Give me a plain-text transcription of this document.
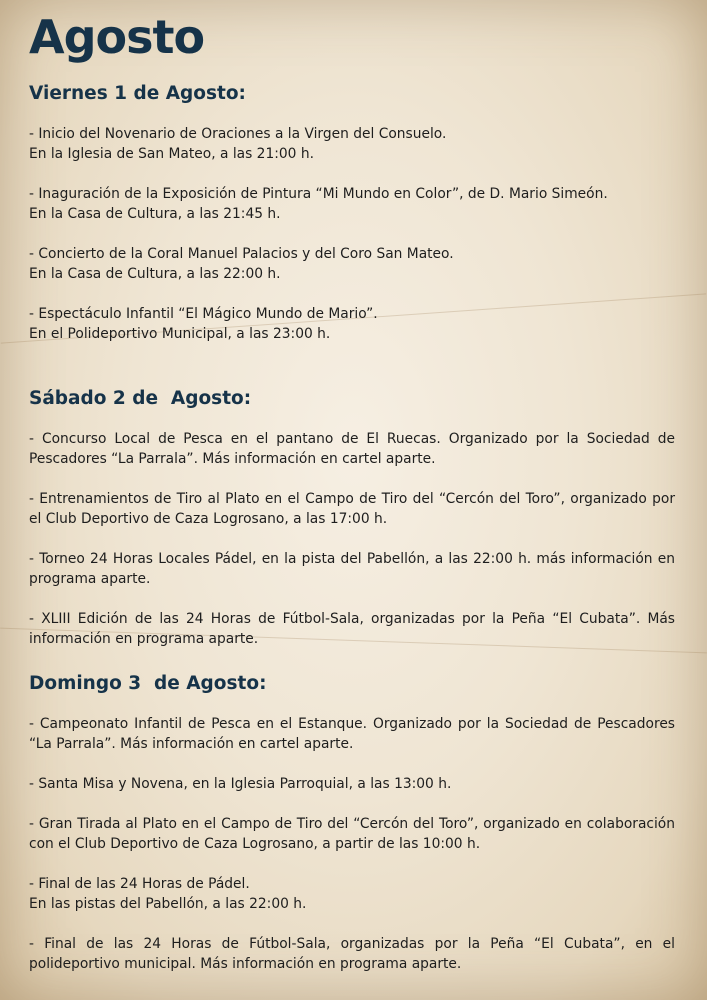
Agosto
Viernes 1 de Agosto:

- Inicio del Novenario de Oraciones a la Virgen del Consuelo.
En la Iglesia de San Mateo, a las 21:00 h.

- Inaguración de la Exposición de Pintura “Mi Mundo en Color”, de D. Mario Simeón.
En la Casa de Cultura, a las 21:45 h.

- Concierto de la Coral Manuel Palacios y del Coro San Mateo.
En la Casa de Cultura, a las 22:00 h.

- Espectáculo Infantil “El Mágico Mundo de Mario”.
En el Polideportivo Municipal, a las 23:00 h.

Sábado 2 de  Agosto:

- Concurso Local de Pesca en el pantano de El Ruecas. Organizado por la Sociedad de Pescadores “La Parrala”. Más información en cartel aparte.

- Entrenamientos de Tiro al Plato en el Campo de Tiro del “Cercón del Toro”, organizado por el Club Deportivo de Caza Logrosano, a las 17:00 h.

- Torneo 24 Horas Locales Pádel, en la pista del Pabellón, a las 22:00 h. más información en programa aparte.

- XLIII Edición de las 24 Horas de Fútbol-Sala, organizadas por la Peña “El Cubata”. Más información en programa aparte.

Domingo 3  de Agosto:

- Campeonato Infantil de Pesca en el Estanque. Organizado por la Sociedad de Pescadores “La Parrala”. Más información en cartel aparte.

- Santa Misa y Novena, en la Iglesia Parroquial, a las 13:00 h.

- Gran Tirada al Plato en el Campo de Tiro del “Cercón del Toro”, organizado en colaboración con el Club Deportivo de Caza Logrosano, a partir de las 10:00 h.

- Final de las 24 Horas de Pádel.
En las pistas del Pabellón, a las 22:00 h.

- Final de las 24 Horas de Fútbol-Sala, organizadas por la Peña “El Cubata”, en el polideportivo municipal. Más información en programa aparte.
